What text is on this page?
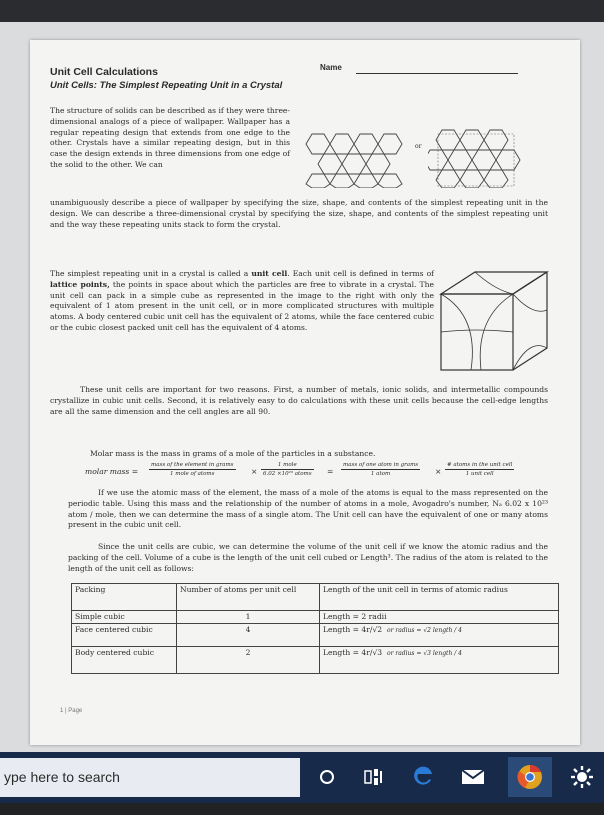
Unit Cell Calculations	Name
Unit Cells: The Simplest Repeating Unit in a Crystal

The structure of solids can be described as if they were three-dimensional analogs of a piece of wallpaper. Wallpaper has a regular repeating design that extends from one edge to the other. Crystals have a similar repeating design, but in this case the design extends in three dimensions from one edge of the solid to the other. We can

or

unambiguously describe a piece of wallpaper by specifying the size, shape, and contents of the simplest repeating unit in the design. We can describe a three-dimensional crystal by specifying the size, shape, and contents of the simplest repeating unit and the way these repeating units stack to form the crystal.

The simplest repeating unit in a crystal is called a unit cell. Each unit cell is defined in terms of lattice points, the points in space about which the particles are free to vibrate in a crystal. The unit cell can pack in a simple cube as represented in the image to the right with only the equivalent of 1 atom present in the unit cell, or in more complicated structures with multiple atoms. A body centered cubic unit cell has the equivalent of 2 atoms, while the face centered cubic or the cubic closest packed unit cell has the equivalent of 4 atoms.

These unit cells are important for two reasons. First, a number of metals, ionic solids, and intermetallic compounds crystallize in cubic unit cells. Second, it is relatively easy to do calculations with these unit cells because the cell-edge lengths are all the same dimension and the cell angles are all 90.

Molar mass is the mass in grams of a mole of the particles in a substance.
molar mass =
mass of the element in grams
1 mole of atoms	×
1 mole
6.02 ×10²³ atoms =
mass of one atom in grams
1 atom	×
# atoms in the unit cell
1 unit cell

If we use the atomic mass of the element, the mass of a mole of the atoms is equal to the mass represented on the periodic table. Using this mass and the relationship of the number of atoms in a mole, Avogadro's number, Nₐ 6.02 x 10²³ atom / mole, then we can determine the mass of a single atom. The Unit cell can have the equivalent of one or many atoms present in the cubic unit cell.

Since the unit cells are cubic, we can determine the volume of the unit cell if we know the atomic radius and the packing of the cell. Volume of a cube is the length of the unit cell cubed or Length³. The radius of the atom is related to the length of the unit cell as follows:

Packing	Number of atoms per unit cell	Length of the unit cell in terms of atomic radius
Simple cubic	1	Length = 2 radii
Face centered cubic	4	Length = 4r/√2 or radius = √2 length / 4
Body centered cubic	2	Length = 4r/√3 or radius = √3 length / 4
1 | Page
ype here to search
